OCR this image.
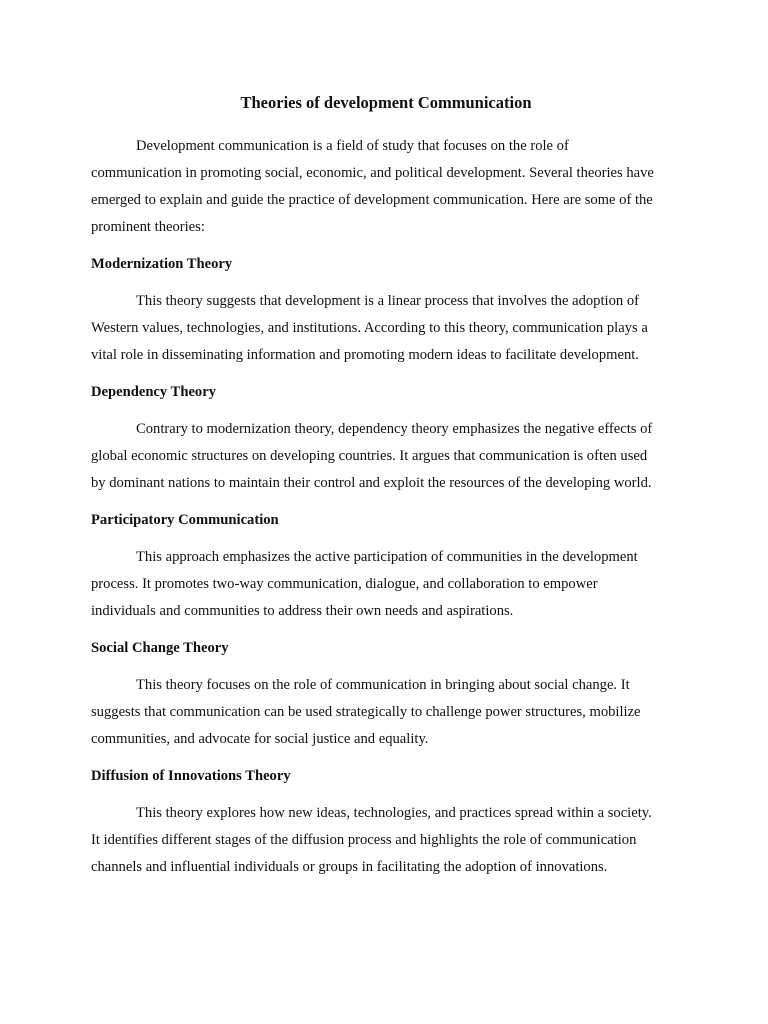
Theories of development Communication

Development communication is a field of study that focuses on the role of
communication in promoting social, economic, and political development. Several theories have
emerged to explain and guide the practice of development communication. Here are some of the
prominent theories:

Modernization Theory

This theory suggests that development is a linear process that involves the adoption of
Western values, technologies, and institutions. According to this theory, communication plays a
vital role in disseminating information and promoting modern ideas to facilitate development.

Dependency Theory

Contrary to modernization theory, dependency theory emphasizes the negative effects of
global economic structures on developing countries. It argues that communication is often used
by dominant nations to maintain their control and exploit the resources of the developing world.

Participatory Communication

This approach emphasizes the active participation of communities in the development
process. It promotes two-way communication, dialogue, and collaboration to empower
individuals and communities to address their own needs and aspirations.

Social Change Theory

This theory focuses on the role of communication in bringing about social change. It
suggests that communication can be used strategically to challenge power structures, mobilize
communities, and advocate for social justice and equality.

Diffusion of Innovations Theory

This theory explores how new ideas, technologies, and practices spread within a society.
It identifies different stages of the diffusion process and highlights the role of communication
channels and influential individuals or groups in facilitating the adoption of innovations.
